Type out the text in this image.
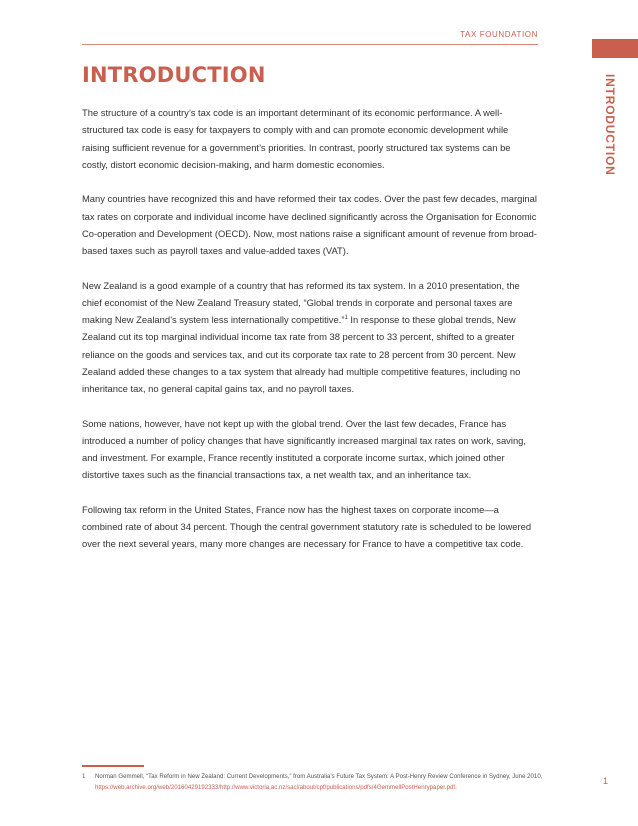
TAX FOUNDATION
INTRODUCTION
INTRODUCTION

The structure of a country’s tax code is an important determinant of its economic performance. A well-structured tax code is easy for taxpayers to comply with and can promote economic development while raising sufficient revenue for a government’s priorities. In contrast, poorly structured tax systems can be costly, distort economic decision-making, and harm domestic economies.

Many countries have recognized this and have reformed their tax codes. Over the past few decades, marginal tax rates on corporate and individual income have declined significantly across the Organisation for Economic Co-operation and Development (OECD). Now, most nations raise a significant amount of revenue from broad-based taxes such as payroll taxes and value-added taxes (VAT).

New Zealand is a good example of a country that has reformed its tax system. In a 2010 presentation, the chief economist of the New Zealand Treasury stated, “Global trends in corporate and personal taxes are making New Zealand’s system less internationally competitive.”$^1$ In response to these global trends, New Zealand cut its top marginal individual income tax rate from 38 percent to 33 percent, shifted to a greater reliance on the goods and services tax, and cut its corporate tax rate to 28 percent from 30 percent. New Zealand added these changes to a tax system that already had multiple competitive features, including no inheritance tax, no general capital gains tax, and no payroll taxes.

Some nations, however, have not kept up with the global trend. Over the last few decades, France has introduced a number of policy changes that have significantly increased marginal tax rates on work, saving, and investment. For example, France recently instituted a corporate income surtax, which joined other distortive taxes such as the financial transactions tax, a net wealth tax, and an inheritance tax.

Following tax reform in the United States, France now has the highest taxes on corporate income—a combined rate of about 34 percent. Though the central government statutory rate is scheduled to be lowered over the next several years, many more changes are necessary for France to have a competitive tax code.

1 Norman Gemmell, “Tax Reform in New Zealand: Current Developments,” from Australia’s Future Tax System: A Post-Henry Review Conference in Sydney, June 2010, https://web.archive.org/web/20160429192333/http://www.victoria.ac.nz/sacl/about/cpf/publications/pdfs/4GemmellPostHenrypaper.pdf.
1
